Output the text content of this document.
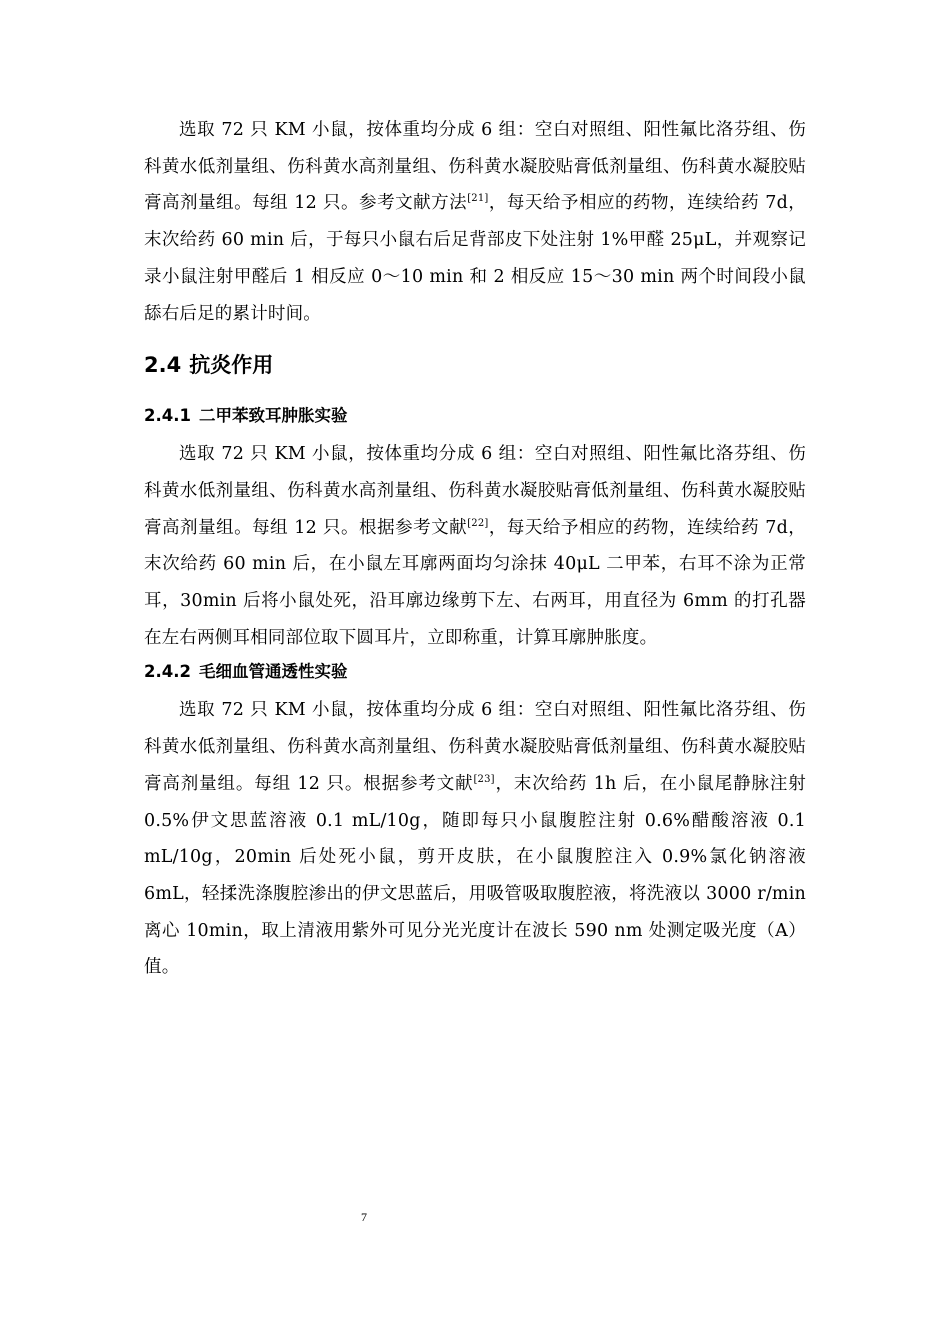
选取 72 只 KM 小鼠，按体重均分成 6 组：空白对照组、阳性氟比洛芬组、伤科黄水低剂量组、伤科黄水高剂量组、伤科黄水凝胶贴膏低剂量组、伤科黄水凝胶贴膏高剂量组。每组 12 只。参考文献方法[21]，每天给予相应的药物，连续给药 7d，末次给药 60 min 后，于每只小鼠右后足背部皮下处注射 1%甲醛 25μL，并观察记录小鼠注射甲醛后 1 相反应 0～10 min 和 2 相反应 15～30 min 两个时间段小鼠舔右后足的累计时间。

2.4 抗炎作用
2.4.1 二甲苯致耳肿胀实验

选取 72 只 KM 小鼠，按体重均分成 6 组：空白对照组、阳性氟比洛芬组、伤科黄水低剂量组、伤科黄水高剂量组、伤科黄水凝胶贴膏低剂量组、伤科黄水凝胶贴膏高剂量组。每组 12 只。根据参考文献[22]，每天给予相应的药物，连续给药 7d，末次给药 60 min 后，在小鼠左耳廓两面均匀涂抹 40μL 二甲苯，右耳不涂为正常耳，30min 后将小鼠处死，沿耳廓边缘剪下左、右两耳，用直径为 6mm 的打孔器在左右两侧耳相同部位取下圆耳片，立即称重，计算耳廓肿胀度。

2.4.2 毛细血管通透性实验

选取 72 只 KM 小鼠，按体重均分成 6 组：空白对照组、阳性氟比洛芬组、伤科黄水低剂量组、伤科黄水高剂量组、伤科黄水凝胶贴膏低剂量组、伤科黄水凝胶贴膏高剂量组。每组 12 只。根据参考文献[23]，末次给药 1h 后，在小鼠尾静脉注射 0.5%伊文思蓝溶液 0.1 mL/10g，随即每只小鼠腹腔注射 0.6%醋酸溶液 0.1 mL/10g，20min 后处死小鼠，剪开皮肤，在小鼠腹腔注入 0.9%氯化钠溶液 6mL，轻揉洗涤腹腔渗出的伊文思蓝后，用吸管吸取腹腔液，将洗液以 3000 r/min 离心 10min，取上清液用紫外可见分光光度计在波长 590 nm 处测定吸光度（A）值。

7
